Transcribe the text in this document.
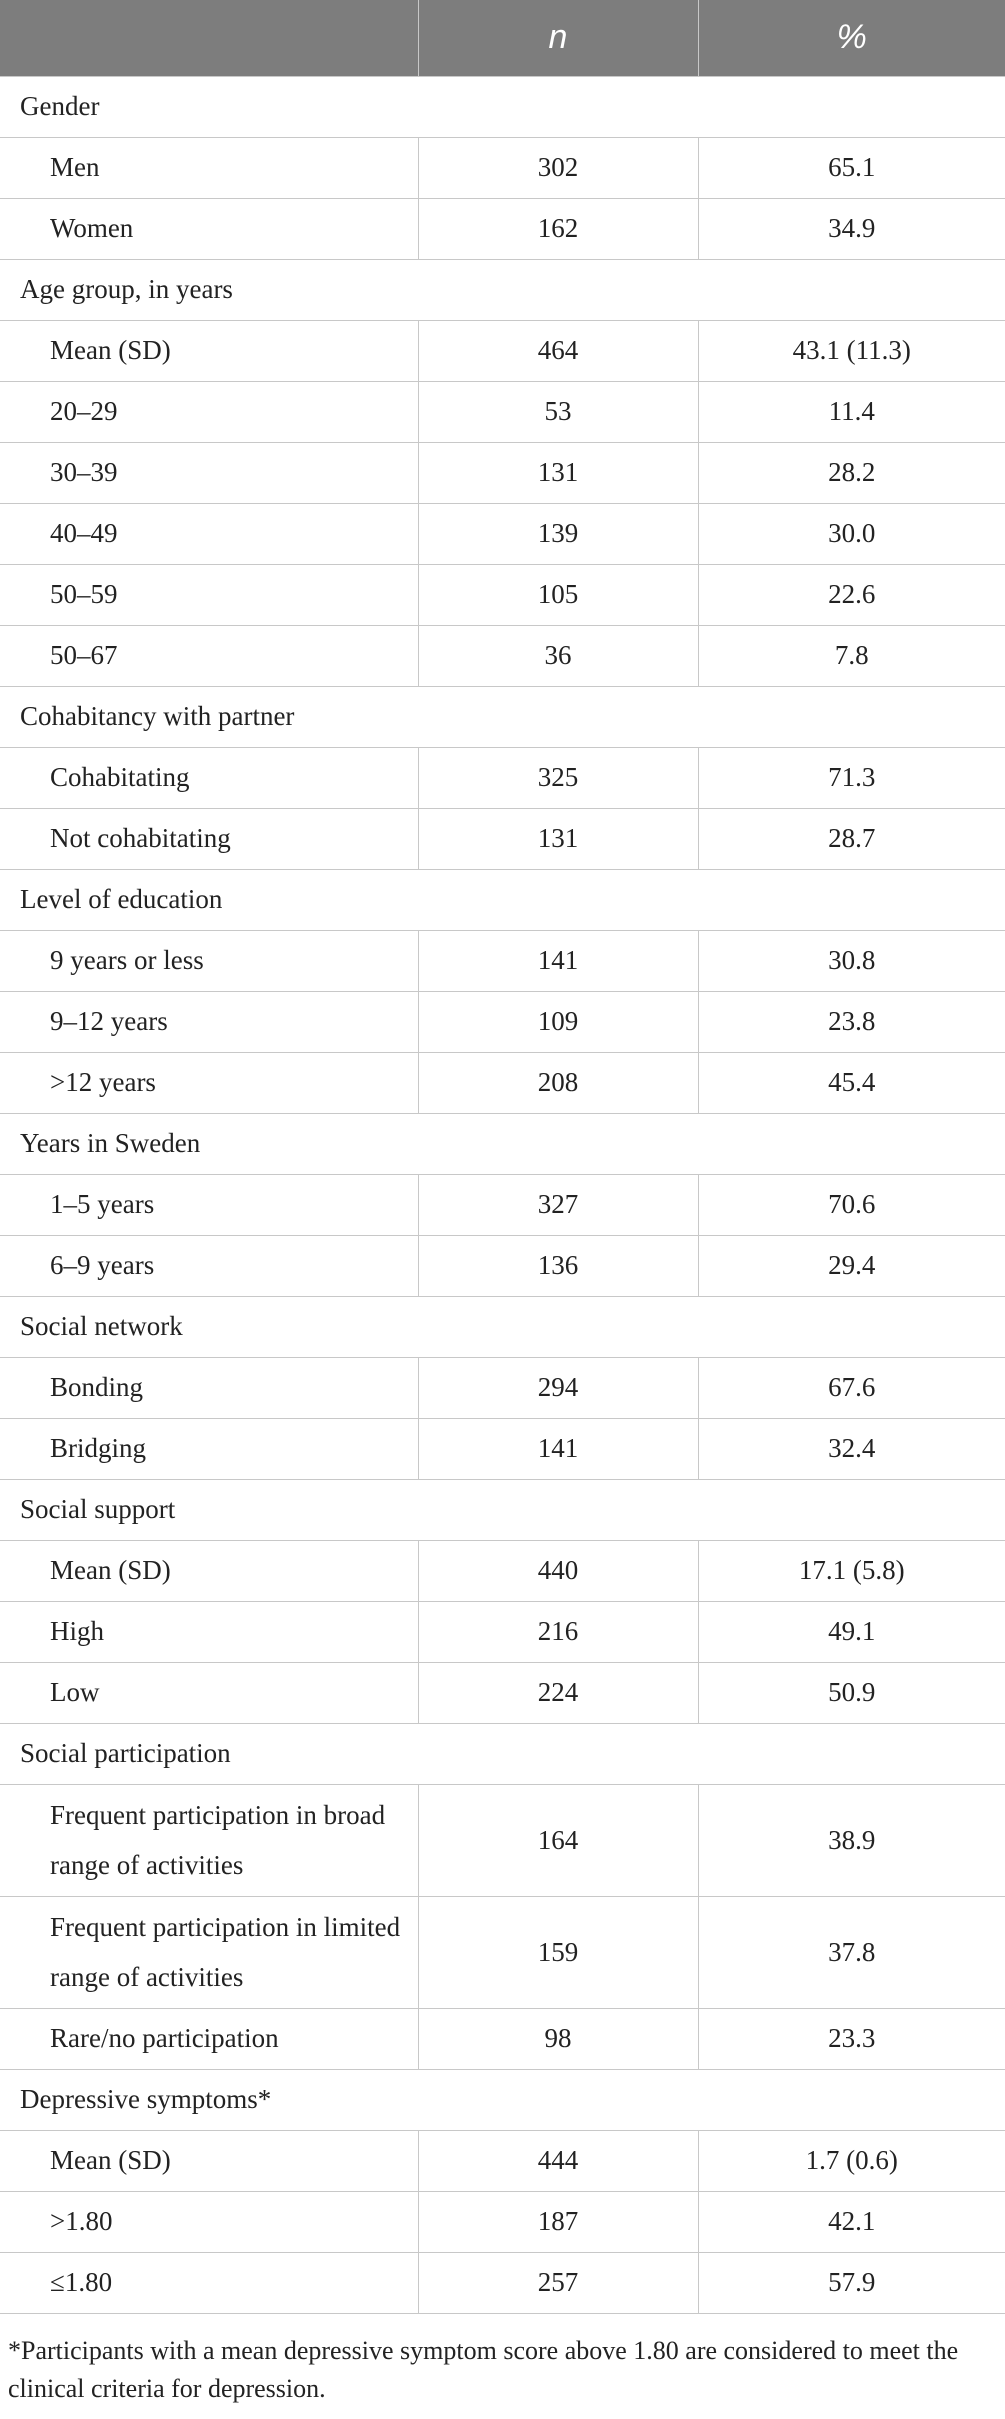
	n	%
Gender		
Men	302	65.1
Women	162	34.9
Age group, in years		
Mean (SD)	464	43.1 (11.3)
20–29	53	11.4
30–39	131	28.2
40–49	139	30.0
50–59	105	22.6
50–67	36	7.8
Cohabitancy with partner		
Cohabitating	325	71.3
Not cohabitating	131	28.7
Level of education		
9 years or less	141	30.8
9–12 years	109	23.8
>12 years	208	45.4
Years in Sweden		
1–5 years	327	70.6
6–9 years	136	29.4
Social network		
Bonding	294	67.6
Bridging	141	32.4
Social support		
Mean (SD)	440	17.1 (5.8)
High	216	49.1
Low	224	50.9
Social participation		
Frequent participation in broad range of activities	164	38.9
Frequent participation in limited range of activities	159	37.8
Rare/no participation	98	23.3
Depressive symptoms*		
Mean (SD)	444	1.7 (0.6)
>1.80	187	42.1
≤1.80	257	57.9
*Participants with a mean depressive symptom score above 1.80 are considered to meet the clinical criteria for depression.
